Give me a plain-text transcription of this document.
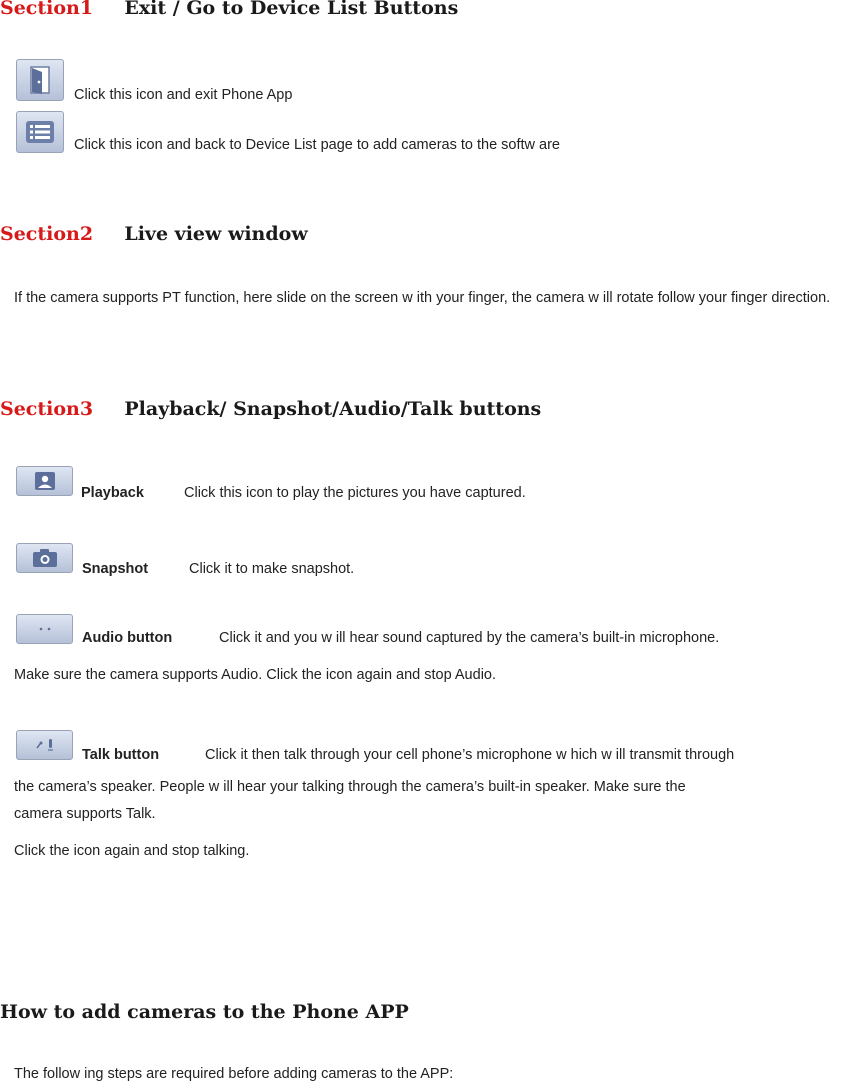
Section1 Exit / Go to Device List Buttons
Click this icon and exit Phone App
Click this icon and back to Device List page to add cameras to the softw are
Section2 Live view window
If the camera supports PT function, here slide on the screen w ith your finger, the camera w ill rotate follow your finger direction.
Section3 Playback/ Snapshot/Audio/Talk buttons
Playback	Click this icon to play the pictures you have captured.
Snapshot	Click it to make snapshot.
Audio button	Click it and you w ill hear sound captured by the camera’s built-in microphone.
Make sure the camera supports Audio. Click the icon again and stop Audio.
Talk button	Click it then talk through your cell phone’s microphone w hich w ill transmit through
the camera’s speaker. People w ill hear your talking through the camera’s built-in speaker. Make sure the
camera supports Talk.
Click the icon again and stop talking.
How to add cameras to the Phone APP
The follow ing steps are required before adding cameras to the APP:
